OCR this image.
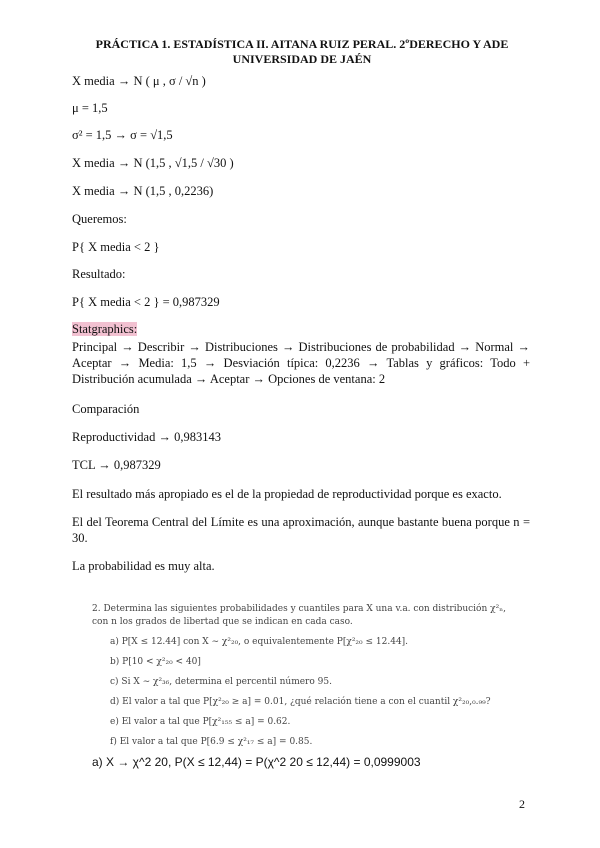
PRÁCTICA 1. ESTADÍSTICA II. AITANA RUIZ PERAL. 2ºDERECHO Y ADE UNIVERSIDAD DE JAÉN
X media → N ( μ , σ / √n )
μ = 1,5
σ² = 1,5 → σ = √1,5
X media → N (1,5 , √1,5 / √30 )
X media → N (1,5 , 0,2236)
Queremos:
P{ X media < 2 }
Resultado:
P{ X media < 2 } = 0,987329
Statgraphics:
Principal → Describir → Distribuciones → Distribuciones de probabilidad → Normal → Aceptar → Media: 1,5 → Desviación típica: 0,2236 → Tablas y gráficos: Todo + Distribución acumulada → Aceptar → Opciones de ventana: 2
Comparación
Reproductividad → 0,983143
TCL → 0,987329
El resultado más apropiado es el de la propiedad de reproductividad porque es exacto.
El del Teorema Central del Límite es una aproximación, aunque bastante buena porque n = 30.
La probabilidad es muy alta.
2. Determina las siguientes probabilidades y cuantiles para X una v.a. con distribución χ²ₙ, con n los grados de libertad que se indican en cada caso.
a) P[X ≤ 12.44] con X ∼ χ²₂₀, o equivalentemente P[χ²₂₀ ≤ 12.44].
b) P[10 < χ²₂₀ < 40]
c) Si X ∼ χ²₃₆, determina el percentil número 95.
d) El valor a tal que P[χ²₂₀ ≥ a] = 0.01, ¿qué relación tiene a con el cuantil χ²₂₀,₀.₉₉?
e) El valor a tal que P[χ²₁₅₅ ≤ a] = 0.62.
f) El valor a tal que P[6.9 ≤ χ²₁₇ ≤ a] = 0.85.
a) X → χ^2 20, P(X ≤ 12,44) = P(χ^2 20 ≤ 12,44) = 0,0999003
2
